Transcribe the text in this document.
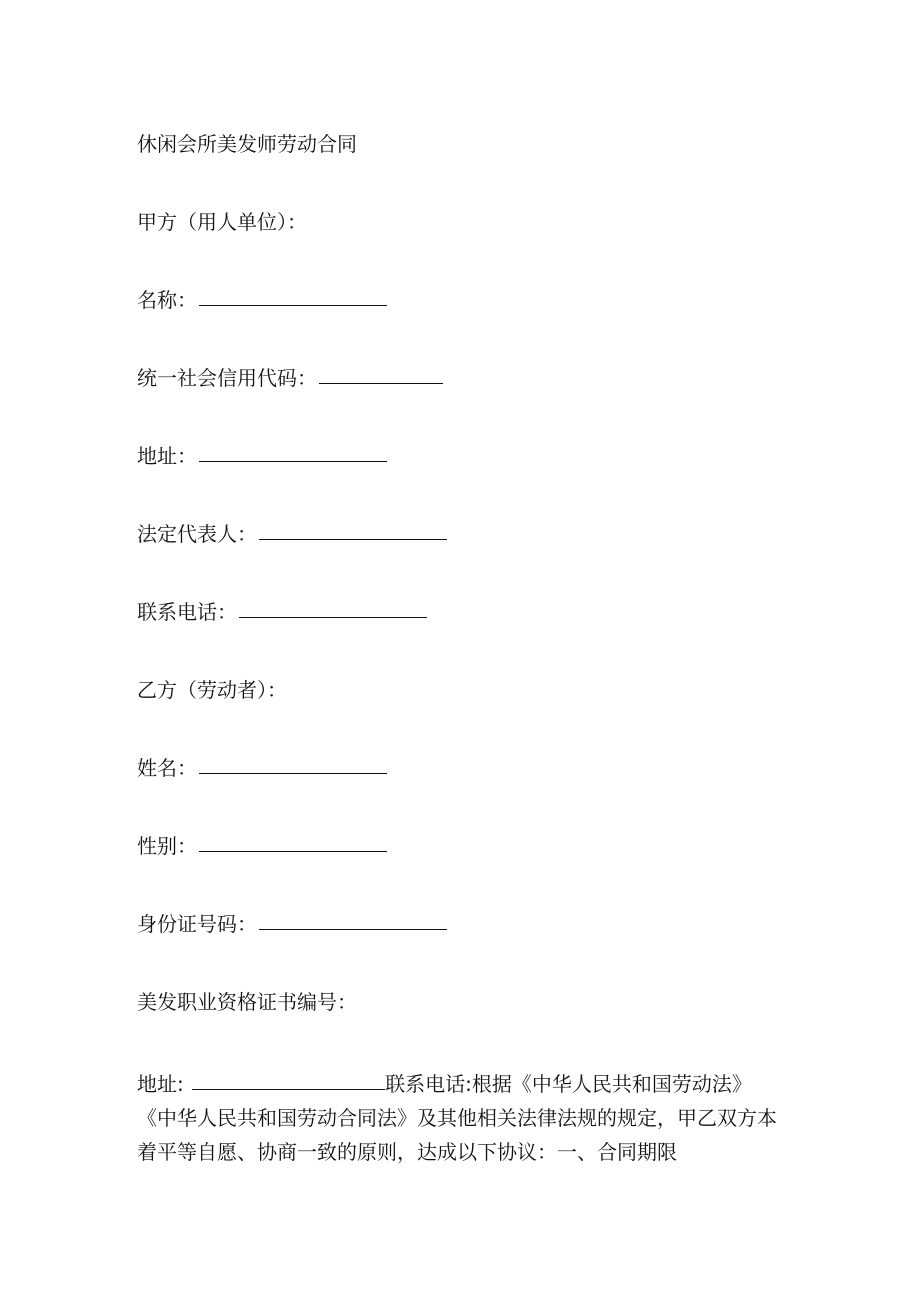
休闲会所美发师劳动合同
甲方（用人单位）：
名称：
统一社会信用代码：
地址：
法定代表人：
联系电话：
乙方（劳动者）：
姓名：
性别：
身份证号码：
美发职业资格证书编号：
地址:	联系电话:根据《中华人民共和国劳动法》
《中华人民共和国劳动合同法》及其他相关法律法规的规定，甲乙双方本
着平等自愿、协商一致的原则，达成以下协议：一、合同期限
